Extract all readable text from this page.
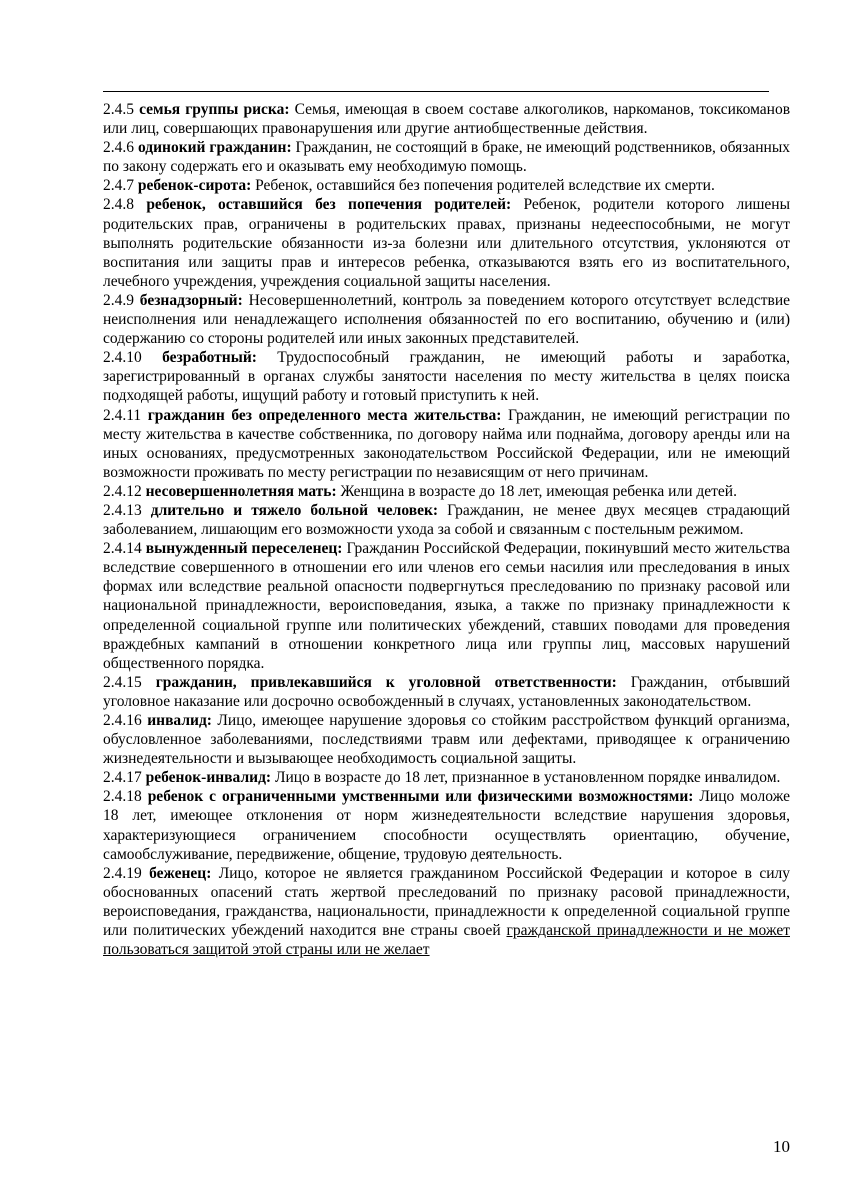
2.4.5 семья группы риска: Семья, имеющая в своем составе алкоголиков, наркоманов, токсикоманов или лиц, совершающих правонарушения или другие антиобщественные действия.

2.4.6 одинокий гражданин: Гражданин, не состоящий в браке, не имеющий родственников, обязанных по закону содержать его и оказывать ему необходимую помощь.

2.4.7 ребенок-сирота: Ребенок, оставшийся без попечения родителей вследствие их смерти.

2.4.8 ребенок, оставшийся без попечения родителей: Ребенок, родители которого лишены родительских прав, ограничены в родительских правах, признаны недееспособными, не могут выполнять родительские обязанности из-за болезни или длительного отсутствия, уклоняются от воспитания или защиты прав и интересов ребенка, отказываются взять его из воспитательного, лечебного учреждения, учреждения социальной защиты населения.

2.4.9 безнадзорный: Несовершеннолетний, контроль за поведением которого отсутствует вследствие неисполнения или ненадлежащего исполнения обязанностей по его воспитанию, обучению и (или) содержанию со стороны родителей или иных законных представителей.

2.4.10 безработный: Трудоспособный гражданин, не имеющий работы и заработка, зарегистрированный в органах службы занятости населения по месту жительства в целях поиска подходящей работы, ищущий работу и готовый приступить к ней.

2.4.11 гражданин без определенного места жительства: Гражданин, не имеющий регистрации по месту жительства в качестве собственника, по договору найма или поднайма, договору аренды или на иных основаниях, предусмотренных законодательством Российской Федерации, или не имеющий возможности проживать по месту регистрации по независящим от него причинам.

2.4.12 несовершеннолетняя мать: Женщина в возрасте до 18 лет, имеющая ребенка или детей.

2.4.13 длительно и тяжело больной человек: Гражданин, не менее двух месяцев страдающий заболеванием, лишающим его возможности ухода за собой и связанным с постельным режимом.

2.4.14 вынужденный переселенец: Гражданин Российской Федерации, покинувший место жительства вследствие совершенного в отношении его или членов его семьи насилия или преследования в иных формах или вследствие реальной опасности подвергнуться преследованию по признаку расовой или национальной принадлежности, вероисповедания, языка, а также по признаку принадлежности к определенной социальной группе или политических убеждений, ставших поводами для проведения враждебных кампаний в отношении конкретного лица или группы лиц, массовых нарушений общественного порядка.

2.4.15 гражданин, привлекавшийся к уголовной ответственности: Гражданин, отбывший уголовное наказание или досрочно освобожденный в случаях, установленных законодательством.

2.4.16 инвалид: Лицо, имеющее нарушение здоровья со стойким расстройством функций организма, обусловленное заболеваниями, последствиями травм или дефектами, приводящее к ограничению жизнедеятельности и вызывающее необходимость социальной защиты.

2.4.17 ребенок-инвалид: Лицо в возрасте до 18 лет, признанное в установленном порядке инвалидом.

2.4.18 ребенок с ограниченными умственными или физическими возможностями: Лицо моложе 18 лет, имеющее отклонения от норм жизнедеятельности вследствие нарушения здоровья, характеризующиеся ограничением способности осуществлять ориентацию, обучение, самообслуживание, передвижение, общение, трудовую деятельность.

2.4.19 беженец: Лицо, которое не является гражданином Российской Федерации и которое в силу обоснованных опасений стать жертвой преследований по признаку расовой принадлежности, вероисповедания, гражданства, национальности, принадлежности к определенной социальной группе или политических убеждений находится вне страны своей гражданской принадлежности и не может пользоваться защитой этой страны или не желает

10
